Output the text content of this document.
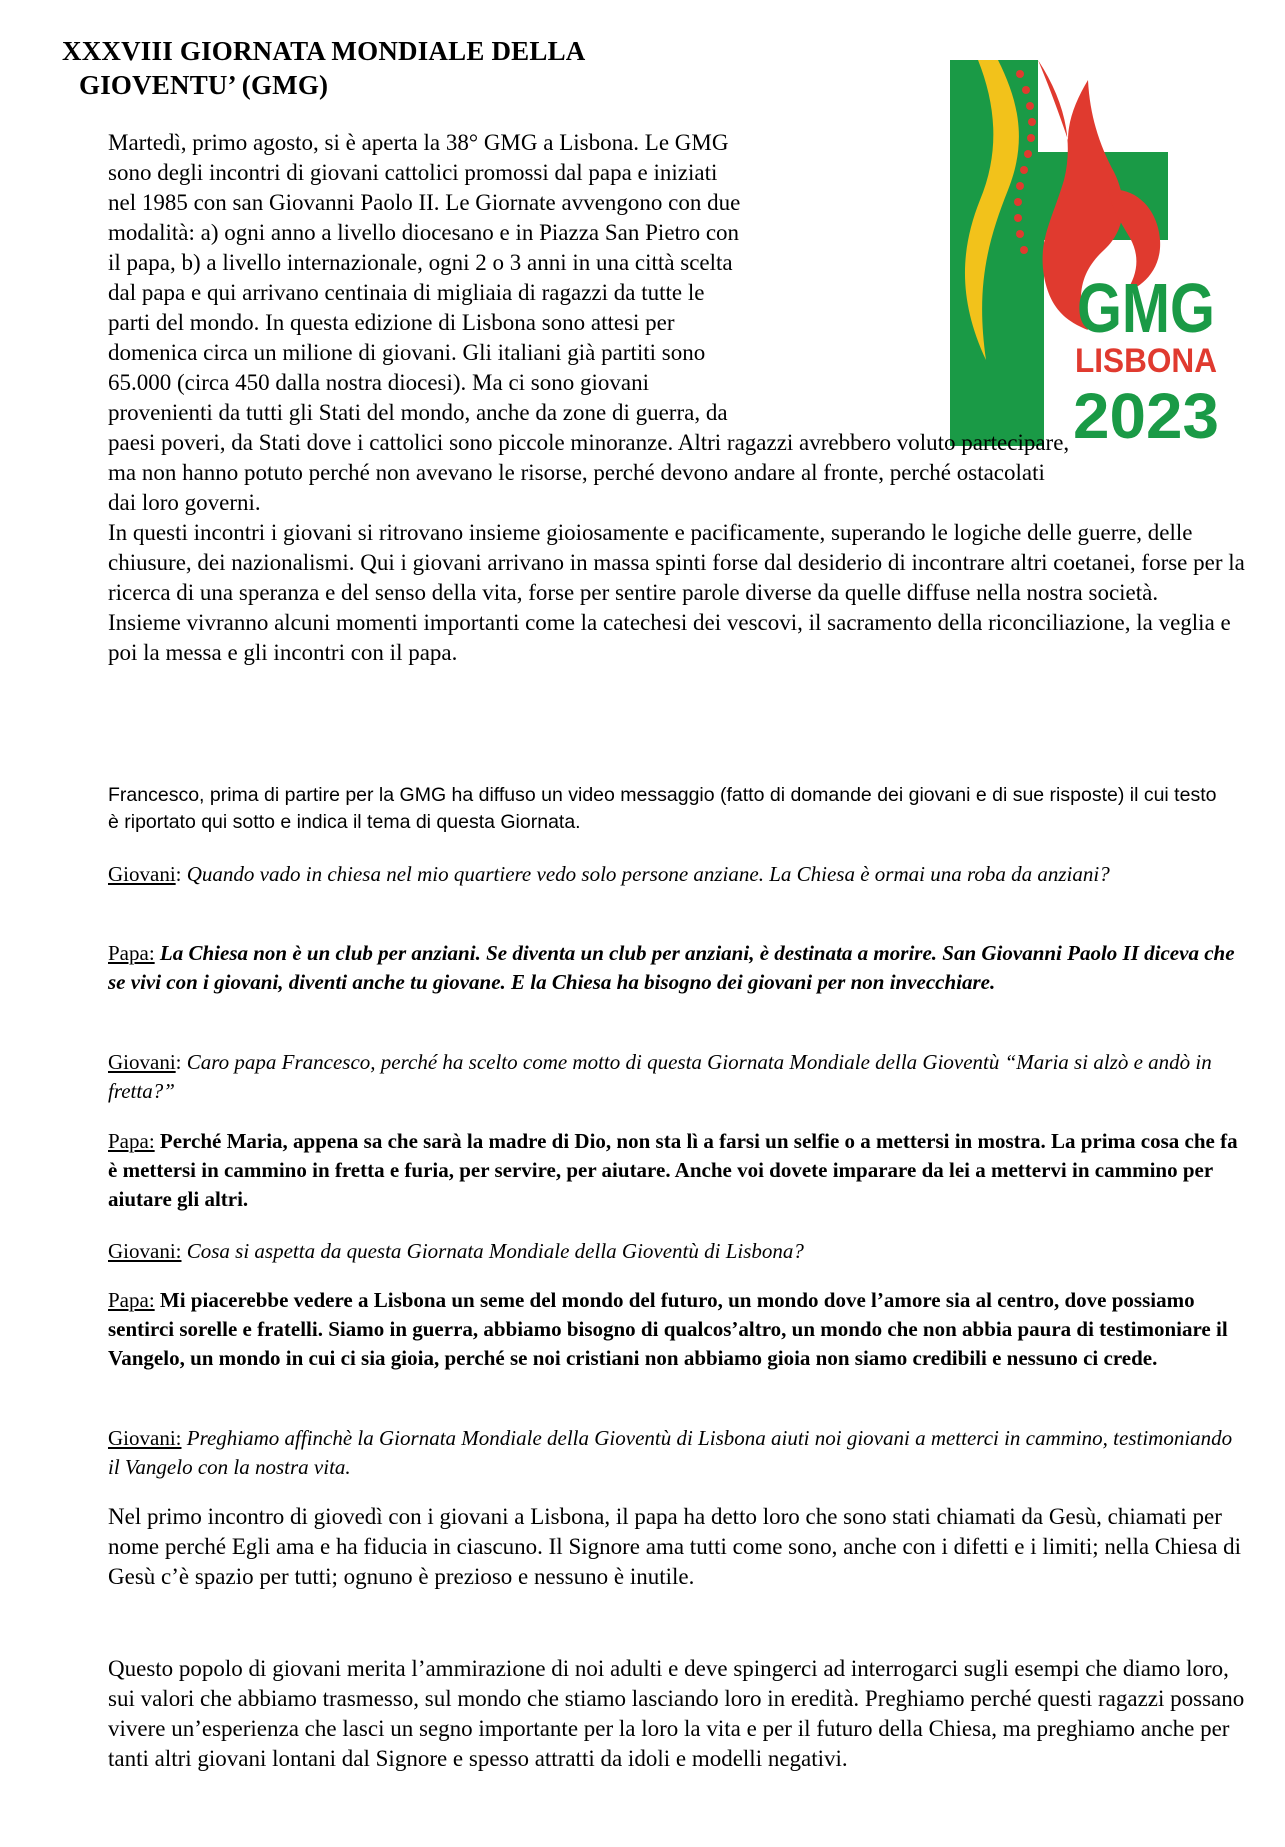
XXXVIII GIORNATA MONDIALE DELLA
GIOVENTU’ (GMG)
GMG
LISBONA
2023

Martedì, primo agosto, si è aperta la 38° GMG a Lisbona. Le GMG
sono degli incontri di giovani cattolici promossi dal papa e iniziati
nel 1985 con san Giovanni Paolo II. Le Giornate avvengono con due
modalità: a) ogni anno a livello diocesano e in Piazza San Pietro con
il papa, b) a livello internazionale, ogni 2 o 3 anni in una città scelta
dal papa e qui arrivano centinaia di migliaia di ragazzi da tutte le
parti del mondo. In questa edizione di Lisbona sono attesi per
domenica circa un milione di giovani. Gli italiani già partiti sono
65.000 (circa 450 dalla nostra diocesi). Ma ci sono giovani
provenienti da tutti gli Stati del mondo, anche da zone di guerra, da
paesi poveri, da Stati dove i cattolici sono piccole minoranze. Altri ragazzi avrebbero voluto partecipare,
ma non hanno potuto perché non avevano le risorse, perché devono andare al fronte, perché ostacolati
dai loro governi.

In questi incontri i giovani si ritrovano insieme gioiosamente e pacificamente, superando le logiche delle guerre, delle chiusure, dei nazionalismi. Qui i giovani arrivano in massa spinti forse dal desiderio di incontrare altri coetanei, forse per la ricerca di una speranza e del senso della vita, forse per sentire parole diverse da quelle diffuse nella nostra società.

Insieme vivranno alcuni momenti importanti come la catechesi dei vescovi, il sacramento della riconciliazione, la veglia e poi la messa e gli incontri con il papa.

Francesco, prima di partire per la GMG ha diffuso un video messaggio (fatto di domande dei giovani e di sue risposte) il cui testo è riportato qui sotto e indica il tema di questa Giornata.
Giovani: Quando vado in chiesa nel mio quartiere vedo solo persone anziane. La Chiesa è ormai una roba da anziani?
Papa: La Chiesa non è un club per anziani. Se diventa un club per anziani, è destinata a morire. San Giovanni Paolo II diceva che se vivi con i giovani, diventi anche tu giovane. E la Chiesa ha bisogno dei giovani per non invecchiare.
Giovani: Caro papa Francesco, perché ha scelto come motto di questa Giornata Mondiale della Gioventù “Maria si alzò e andò in fretta?”
Papa: Perché Maria, appena sa che sarà la madre di Dio, non sta lì a farsi un selfie o a mettersi in mostra. La prima cosa che fa è mettersi in cammino in fretta e furia, per servire, per aiutare. Anche voi dovete imparare da lei a mettervi in cammino per aiutare gli altri.
Giovani: Cosa si aspetta da questa Giornata Mondiale della Gioventù di Lisbona?
Papa: Mi piacerebbe vedere a Lisbona un seme del mondo del futuro, un mondo dove l’amore sia al centro, dove possiamo sentirci sorelle e fratelli. Siamo in guerra, abbiamo bisogno di qualcos’altro, un mondo che non abbia paura di testimoniare il Vangelo, un mondo in cui ci sia gioia, perché se noi cristiani non abbiamo gioia non siamo credibili e nessuno ci crede.
Giovani: Preghiamo affinchè la Giornata Mondiale della Gioventù di Lisbona aiuti noi giovani a metterci in cammino, testimoniando il Vangelo con la nostra vita.
Nel primo incontro di giovedì con i giovani a Lisbona, il papa ha detto loro che sono stati chiamati da Gesù, chiamati per nome perché Egli ama e ha fiducia in ciascuno. Il Signore ama tutti come sono, anche con i difetti e i limiti; nella Chiesa di Gesù c’è spazio per tutti; ognuno è prezioso e nessuno è inutile.
Questo popolo di giovani merita l’ammirazione di noi adulti e deve spingerci ad interrogarci sugli esempi che diamo loro, sui valori che abbiamo trasmesso, sul mondo che stiamo lasciando loro in eredità. Preghiamo perché questi ragazzi possano vivere un’esperienza che lasci un segno importante per la loro la vita e per il futuro della Chiesa, ma preghiamo anche per tanti altri giovani lontani dal Signore e spesso attratti da idoli e modelli negativi.
